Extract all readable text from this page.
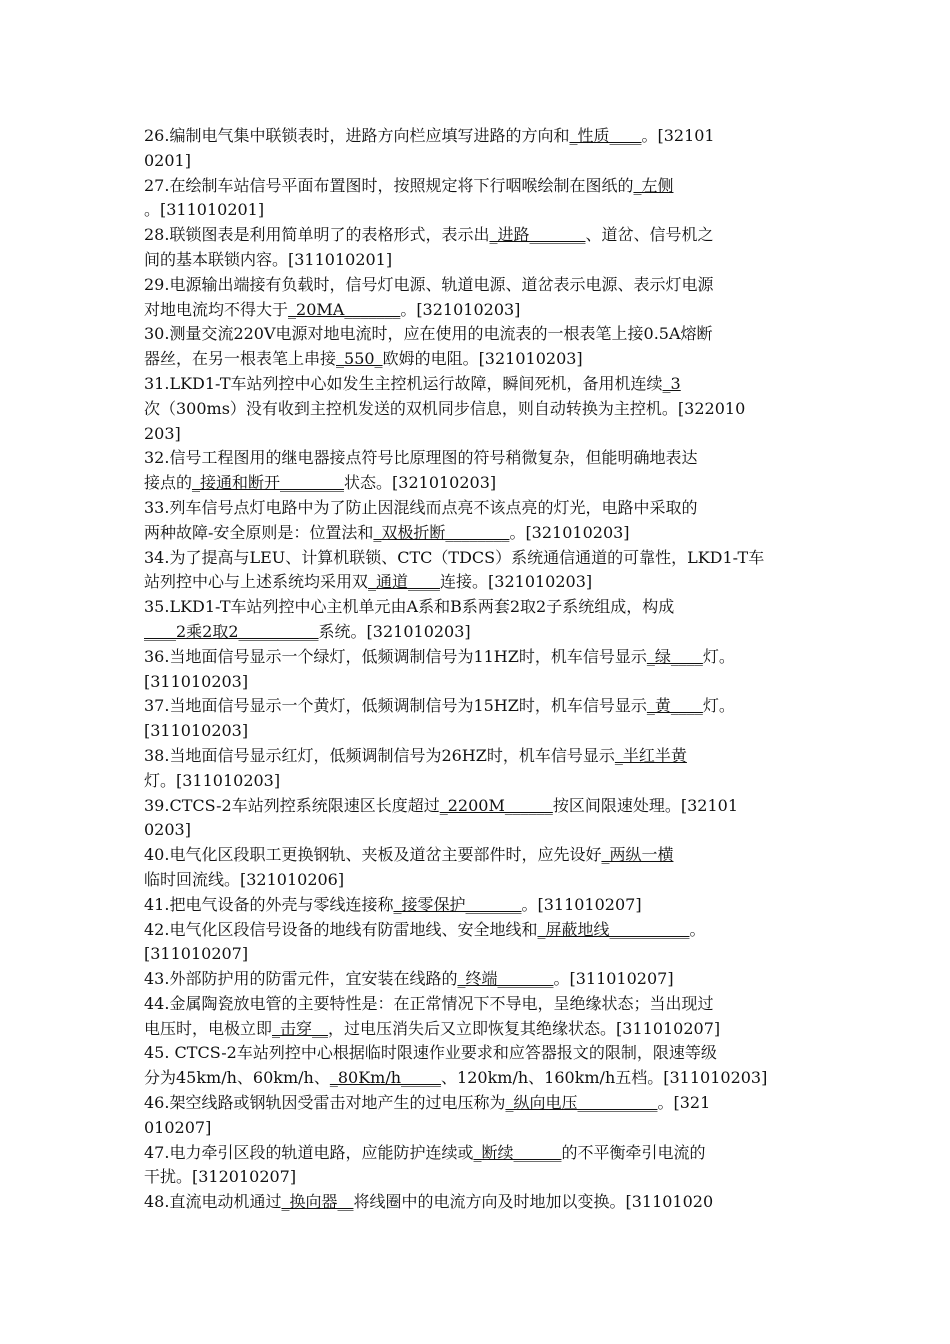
26.编制电气集中联锁表时，进路方向栏应填写进路的方向和_性质____。[32101
0201]
27.在绘制车站信号平面布置图时，按照规定将下行咽喉绘制在图纸的_左侧
。[311010201]
28.联锁图表是利用简单明了的表格形式，表示出_进路_______、道岔、信号机之
间的基本联锁内容。[311010201]
29.电源输出端接有负载时，信号灯电源、轨道电源、道岔表示电源、表示灯电源
对地电流均不得大于_20MA_______。[321010203]
30.测量交流220V电源对地电流时，应在使用的电流表的一根表笔上接0.5A熔断
器丝，在另一根表笔上串接_550_欧姆的电阻。[321010203]
31.LKD1-T车站列控中心如发生主控机运行故障，瞬间死机，备用机连续_3
次（300ms）没有收到主控机发送的双机同步信息，则自动转换为主控机。[322010
203]
32.信号工程图用的继电器接点符号比原理图的符号稍微复杂，但能明确地表达
接点的_接通和断开________状态。[321010203]
33.列车信号点灯电路中为了防止因混线而点亮不该点亮的灯光，电路中采取的
两种故障-安全原则是：位置法和_双极折断________。[321010203]
34.为了提高与LEU、计算机联锁、CTC（TDCS）系统通信通道的可靠性，LKD1-T车
站列控中心与上述系统均采用双_通道____连接。[321010203]
35.LKD1-T车站列控中心主机单元由A系和B系两套2取2子系统组成，构成
____2乘2取2__________系统。[321010203]
36.当地面信号显示一个绿灯，低频调制信号为11HZ时，机车信号显示_绿____灯。
[311010203]
37.当地面信号显示一个黄灯，低频调制信号为15HZ时，机车信号显示_黄____灯。
[311010203]
38.当地面信号显示红灯，低频调制信号为26HZ时，机车信号显示_半红半黄
灯。[311010203]
39.CTCS-2车站列控系统限速区长度超过_2200M______按区间限速处理。[32101
0203]
40.电气化区段职工更换钢轨、夹板及道岔主要部件时，应先设好_两纵一横
临时回流线。[321010206]
41.把电气设备的外壳与零线连接称_接零保护_______。[311010207]
42.电气化区段信号设备的地线有防雷地线、安全地线和_屏蔽地线__________。
[311010207]
43.外部防护用的防雷元件，宜安装在线路的_终端_______。[311010207]
44.金属陶瓷放电管的主要特性是：在正常情况下不导电，呈绝缘状态；当出现过
电压时，电极立即_击穿__，过电压消失后又立即恢复其绝缘状态。[311010207]
45. CTCS-2车站列控中心根据临时限速作业要求和应答器报文的限制，限速等级
分为45km/h、60km/h、_80Km/h_____、120km/h、160km/h五档。[311010203]
46.架空线路或钢轨因受雷击对地产生的过电压称为_纵向电压__________。[321
010207]
47.电力牵引区段的轨道电路，应能防护连续或_断续______的不平衡牵引电流的
干扰。[312010207]
48.直流电动机通过_换向器__将线圈中的电流方向及时地加以变换。[31101020
